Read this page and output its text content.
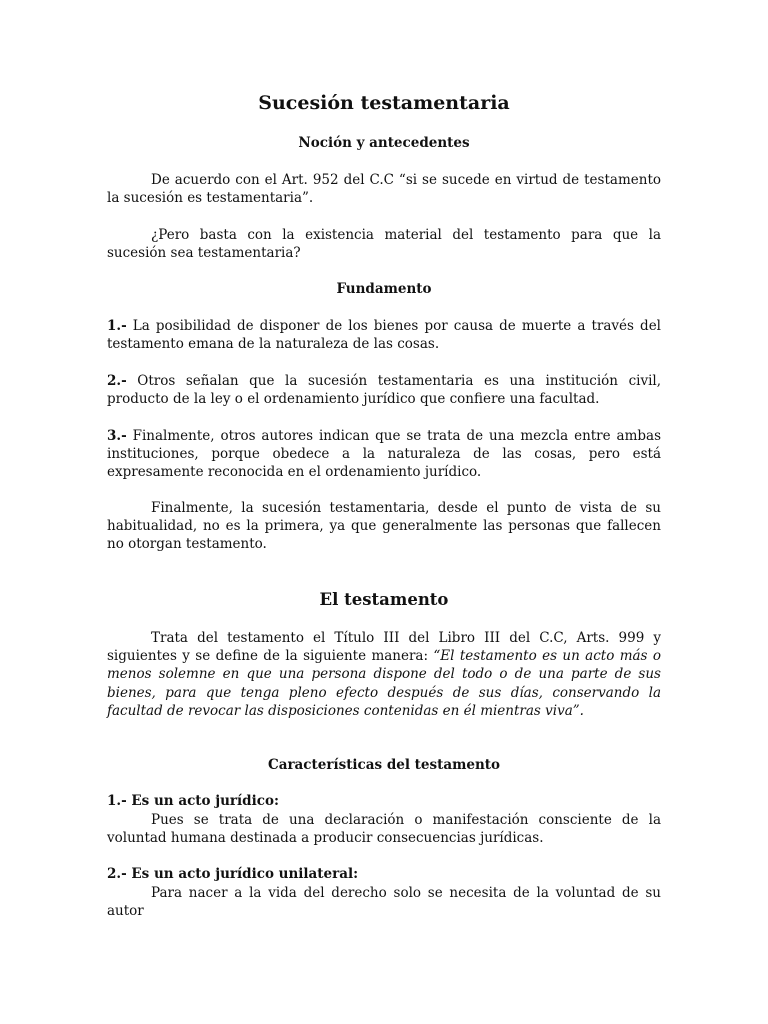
Sucesión testamentaria
Noción y antecedentes
De acuerdo con el Art. 952 del C.C “si se sucede en virtud de testamento la sucesión es testamentaria”.
¿Pero basta con la existencia material del testamento para que la sucesión sea testamentaria?
Fundamento
1.- La posibilidad de disponer de los bienes por causa de muerte a través del testamento emana de la naturaleza de las cosas.
2.- Otros señalan que la sucesión testamentaria es una institución civil, producto de la ley o el ordenamiento jurídico que confiere una facultad.
3.- Finalmente, otros autores indican que se trata de una mezcla entre ambas instituciones, porque obedece a la naturaleza de las cosas, pero está expresamente reconocida en el ordenamiento jurídico.
Finalmente, la sucesión testamentaria, desde el punto de vista de su habitualidad, no es la primera, ya que generalmente las personas que fallecen no otorgan testamento.
El testamento
Trata del testamento el Título III del Libro III del C.C, Arts. 999 y siguientes y se define de la siguiente manera: “El testamento es un acto más o menos solemne en que una persona dispone del todo o de una parte de sus bienes, para que tenga pleno efecto después de sus días, conservando la facultad de revocar las disposiciones contenidas en él mientras viva”.
Características del testamento
1.- Es un acto jurídico:
Pues se trata de una declaración o manifestación consciente de la voluntad humana destinada a producir consecuencias jurídicas.
2.- Es un acto jurídico unilateral:
Para nacer a la vida del derecho solo se necesita de la voluntad de su autor
